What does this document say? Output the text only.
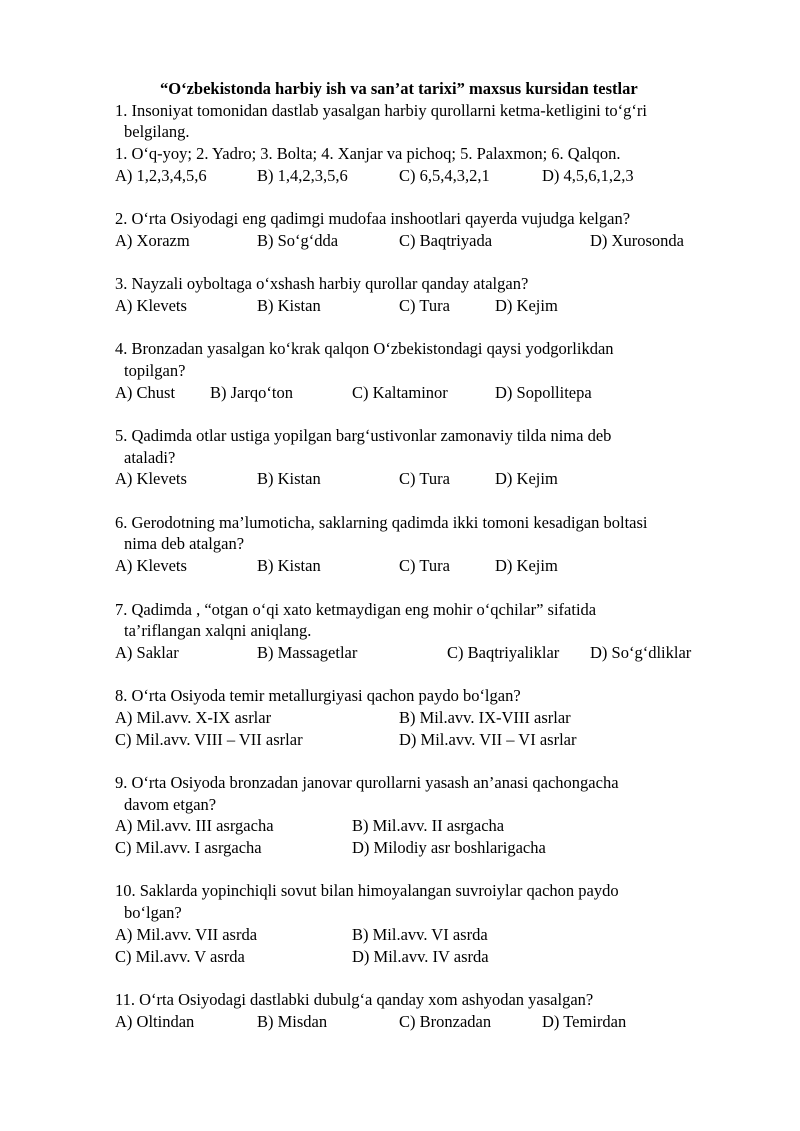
“O‘zbekistonda harbiy ish va san’at tarixi” maxsus kursidan testlar
1. Insoniyat tomonidan dastlab yasalgan harbiy qurollarni ketma-ketligini to‘g‘ri
belgilang.
1. O‘q-yoy; 2. Yadro; 3. Bolta; 4. Xanjar va pichoq; 5. Palaxmon; 6. Qalqon.
A) 1,2,3,4,5,6	B) 1,4,2,3,5,6	C) 6,5,4,3,2,1	D) 4,5,6,1,2,3
2. O‘rta Osiyodagi eng qadimgi mudofaa inshootlari qayerda vujudga kelgan?
A) Xorazm	B) So‘g‘dda	C) Baqtriyada	D) Xurosonda
3. Nayzali oyboltaga o‘xshash harbiy qurollar qanday atalgan?
A) Klevets	B) Kistan	C) Tura	D) Kejim
4. Bronzadan yasalgan ko‘krak qalqon O‘zbekistondagi qaysi yodgorlikdan
topilgan?
A) Chust B) Jarqo‘ton	C) Kaltaminor	D) Sopollitepa
5. Qadimda otlar ustiga yopilgan barg‘ustivonlar zamonaviy tilda nima deb
ataladi?
A) Klevets	B) Kistan	C) Tura	D) Kejim
6. Gerodotning ma’lumoticha, saklarning qadimda ikki tomoni kesadigan boltasi
nima deb atalgan?
A) Klevets	B) Kistan	C) Tura	D) Kejim
7. Qadimda , “otgan o‘qi xato ketmaydigan eng mohir o‘qchilar” sifatida
ta’riflangan xalqni aniqlang.
A) Saklar	B) Massagetlar	C) Baqtriyaliklar D) So‘g‘dliklar
8. O‘rta Osiyoda temir metallurgiyasi qachon paydo bo‘lgan?
A) Mil.avv. X-IX asrlar	B) Mil.avv. IX-VIII asrlar
C) Mil.avv. VIII – VII asrlar	D) Mil.avv. VII – VI asrlar
9. O‘rta Osiyoda bronzadan janovar qurollarni yasash an’anasi qachongacha
davom etgan?
A) Mil.avv. III asrgacha	B) Mil.avv. II asrgacha
C) Mil.avv. I asrgacha	D) Milodiy asr boshlarigacha
10. Saklarda yopinchiqli sovut bilan himoyalangan suvroiylar qachon paydo
bo‘lgan?
A) Mil.avv. VII asrda	B) Mil.avv. VI asrda
C) Mil.avv. V asrda	D) Mil.avv. IV asrda
11. O‘rta Osiyodagi dastlabki dubulg‘a qanday xom ashyodan yasalgan?
A) Oltindan	B) Misdan	C) Bronzadan	D) Temirdan
